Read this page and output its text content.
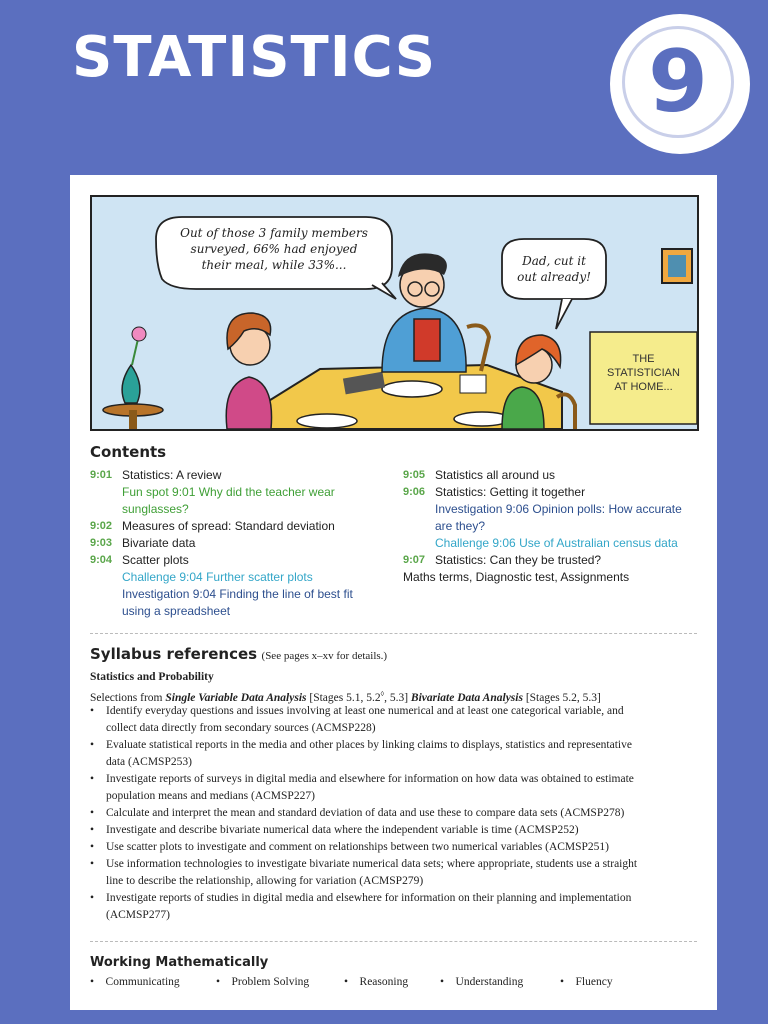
STATISTICS 9
Out of those 3 family members
surveyed, 66% had enjoyed
their meal, while 33%...	Dad, cut it
out already!
THE
STATISTICIAN
AT HOME...
Contents
9:01 Statistics: A review
Fun spot 9:01 Why did the teacher wear
sunglasses?
9:02 Measures of spread: Standard deviation
9:03 Bivariate data
9:04 Scatter plots
Challenge 9:04 Further scatter plots
Investigation 9:04 Finding the line of best fit
using a spreadsheet
9:05 Statistics all around us
9:06 Statistics: Getting it together
Investigation 9:06 Opinion polls: How accurate
are they?
Challenge 9:06 Use of Australian census data
9:07 Statistics: Can they be trusted?
Maths terms, Diagnostic test, Assignments
Syllabus references (See pages x–xv for details.)
Statistics and Probability
Selections from Single Variable Data Analysis [Stages 5.1, 5.2◊, 5.3] Bivariate Data Analysis [Stages 5.2, 5.3]
• Identify everyday questions and issues involving at least one numerical and at least one categorical variable, and
collect data directly from secondary sources (ACMSP228)
• Evaluate statistical reports in the media and other places by linking claims to displays, statistics and representative
data (ACMSP253)
• Investigate reports of surveys in digital media and elsewhere for information on how data was obtained to estimate
population means and medians (ACMSP227)
• Calculate and interpret the mean and standard deviation of data and use these to compare data sets (ACMSP278)
• Investigate and describe bivariate numerical data where the independent variable is time (ACMSP252)
• Use scatter plots to investigate and comment on relationships between two numerical variables (ACMSP251)
• Use information technologies to investigate bivariate numerical data sets; where appropriate, students use a straight
line to describe the relationship, allowing for variation (ACMSP279)
• Investigate reports of studies in digital media and elsewhere for information on their planning and implementation
(ACMSP277)
Working Mathematically
•    Communicating	•    Problem Solving	•    Reasoning	•    Understanding	•    Fluency
